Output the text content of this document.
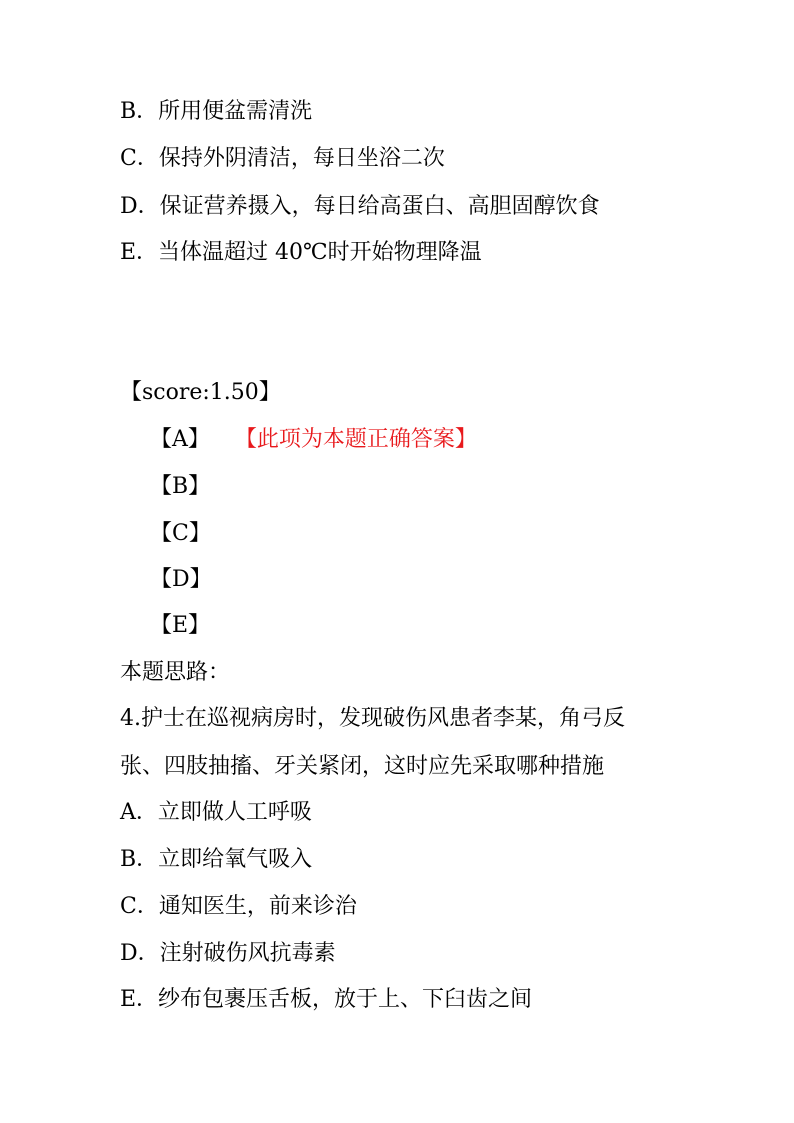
B．所用便盆需清洗
C．保持外阴清洁，每日坐浴二次
D．保证营养摄入，每日给高蛋白、高胆固醇饮食
E．当体温超过 40℃时开始物理降温
【score:1.50】
【A】 【此项为本题正确答案】
【B】
【C】
【D】
【E】
本题思路：
4.护士在巡视病房时，发现破伤风患者李某，角弓反
张、四肢抽搐、牙关紧闭，这时应先采取哪种措施
A．立即做人工呼吸
B．立即给氧气吸入
C．通知医生，前来诊治
D．注射破伤风抗毒素
E．纱布包裹压舌板，放于上、下臼齿之间
